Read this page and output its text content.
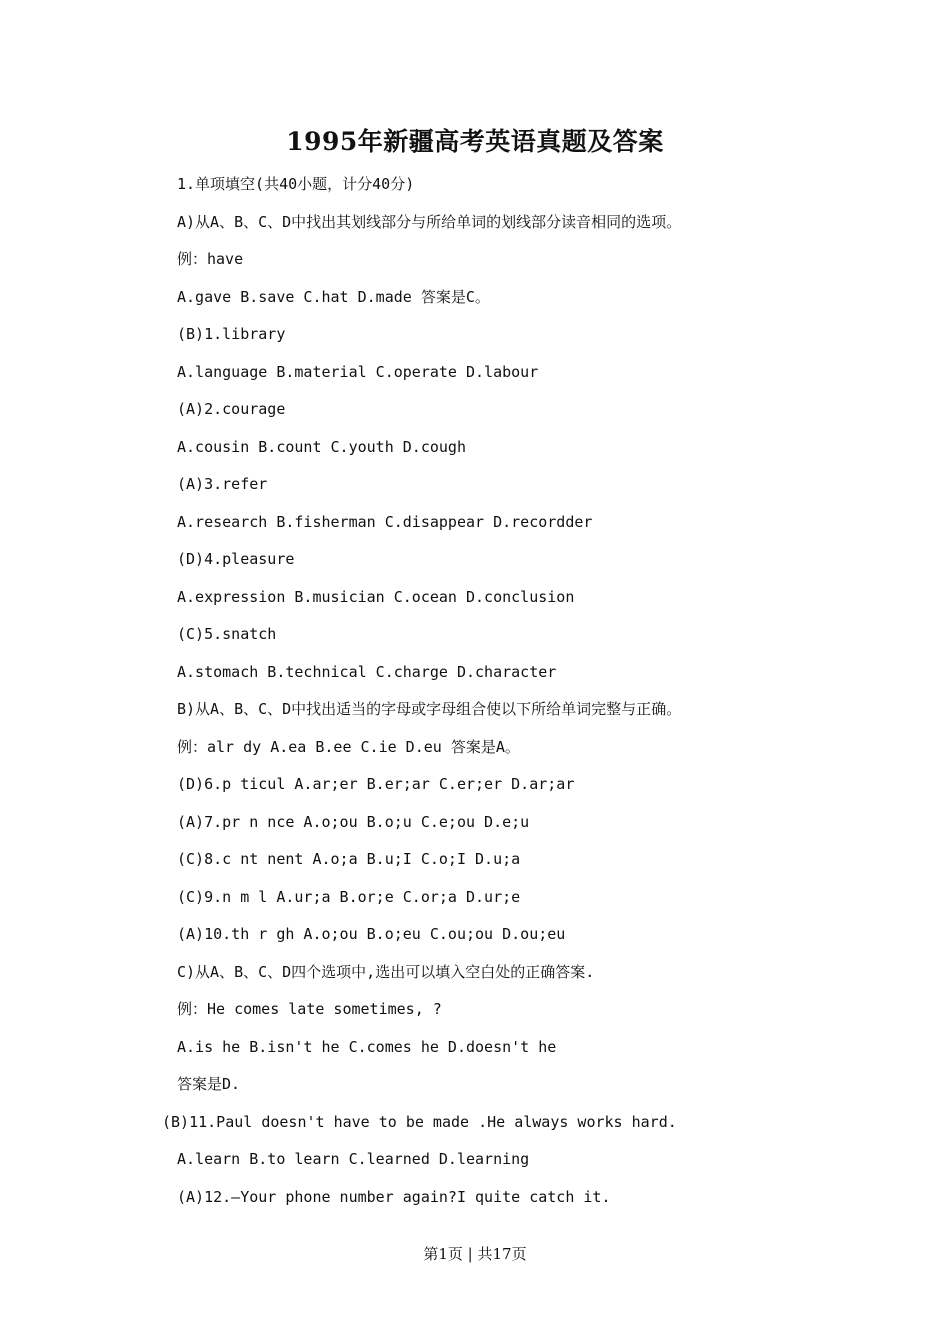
1995年新疆高考英语真题及答案
1.单项填空(共40小题，计分40分)
A)从A、B、C、D中找出其划线部分与所给单词的划线部分读音相同的选项。
例：have
A.gave B.save C.hat D.made 答案是C。
(B)1.library
A.language B.material C.operate D.labour
(A)2.courage
A.cousin B.count C.youth D.cough
(A)3.refer
A.research B.fisherman C.disappear D.recordder
(D)4.pleasure
A.expression B.musician C.ocean D.conclusion
(C)5.snatch
A.stomach B.technical C.charge D.character
B)从A、B、C、D中找出适当的字母或字母组合使以下所给单词完整与正确。
例：alr dy A.ea B.ee C.ie D.eu 答案是A。
(D)6.p ticul A.ar;er B.er;ar C.er;er D.ar;ar
(A)7.pr n nce A.o;ou B.o;u C.e;ou D.e;u
(C)8.c nt nent A.o;a B.u;I C.o;I D.u;a
(C)9.n m l A.ur;a B.or;e C.or;a D.ur;e
(A)10.th r gh A.o;ou B.o;eu C.ou;ou D.ou;eu
C)从A、B、C、D四个选项中,选出可以填入空白处的正确答案.
例：He comes late sometimes, ?
A.is he B.isn't he C.comes he D.doesn't he
答案是D.
(B)11.Paul doesn't have to be made .He always works hard.
A.learn B.to learn C.learned D.learning
(A)12.—Your phone number again?I quite catch it.
第1页 | 共17页
